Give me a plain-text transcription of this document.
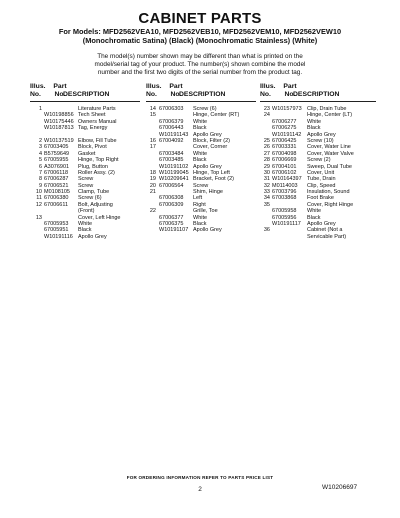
CABINET PARTS
For Models: MFD2562VEA10, MFD2562VEB10, MFD2562VEM10, MFD2562VEW10
(Monochromatic Satina) (Black) (Monochromatic Stainless) (White)
The model(s) number shown may be different than what is printed on the
model/serial tag of your product. The number(s) shown combine the model
number and the first two digits of the serial number from the product tag.
Illus.
No.
Part
No.
DESCRIPTION
1	Literature Parts
W10198856 Tech Sheet
W10175446 Owners Manual
W10187813 Tag, Energy
2 W10137519 Elbow, Fill Tube
3 67003405	Block, Pivot
4 B5759649	Gasket
5 67005955	Hinge, Top Right
6 A3076901	Plug, Button
7 67006118	Roller Assy. (2)
8 67006287	Screw
9 67006521	Screw
10 M0108105	Clamp, Tube
11 67006380	Screw (6)
12 67006611	Bolt, Adjusting
(Front)
13	Cover, Left Hinge
67005953	White
67005951	Black
W10191116 Apollo Grey
Illus.
No.
Part
No.
DESCRIPTION
14 67006303	Screw (6)
15	Hinge, Center (RT)
67006379	White
67006443	Black
W10191143 Apollo Grey
16 67004092	Block, Filter (2)
17	Cover, Corner
67003484	White
67003485	Black
W10191102 Apollo Grey
18 W10199045 Hinge, Top Left
19 W10209641 Bracket, Foot (2)
20 67006564	Screw
21	Shim, Hinge
67006308	Left
67006309	Right
22	Grille, Toe
67006377	White
67006375	Black
W10191107 Apollo Grey
Illus.
No.
Part
No.
DESCRIPTION
23 W10157973 Clip, Drain Tube
24	Hinge, Center (LT)
67006277	White
67006275	Black
W10191142	Apollo Grey
25 67006425	Screw (10)
26 67003331	Cover, Water Line
27 67004098	Cover, Water Valve
28 67006669	Screw (2)
29 67004101	Sweep, Dual Tube
30 67006102	Cover, Unit
31 W10164397 Tube, Drain
32 M0114003	Clip, Speed
33 67003796	Insulation, Sound
34 67003868	Foot Brake
35	Cover, Right Hinge
67005958	White
67005956	Black
W10191117	Apollo Grey
36	Cabinet (Not a
Servicable Part)
FOR ORDERING INFORMATION REFER TO PARTS PRICE LIST
2	W10206697
